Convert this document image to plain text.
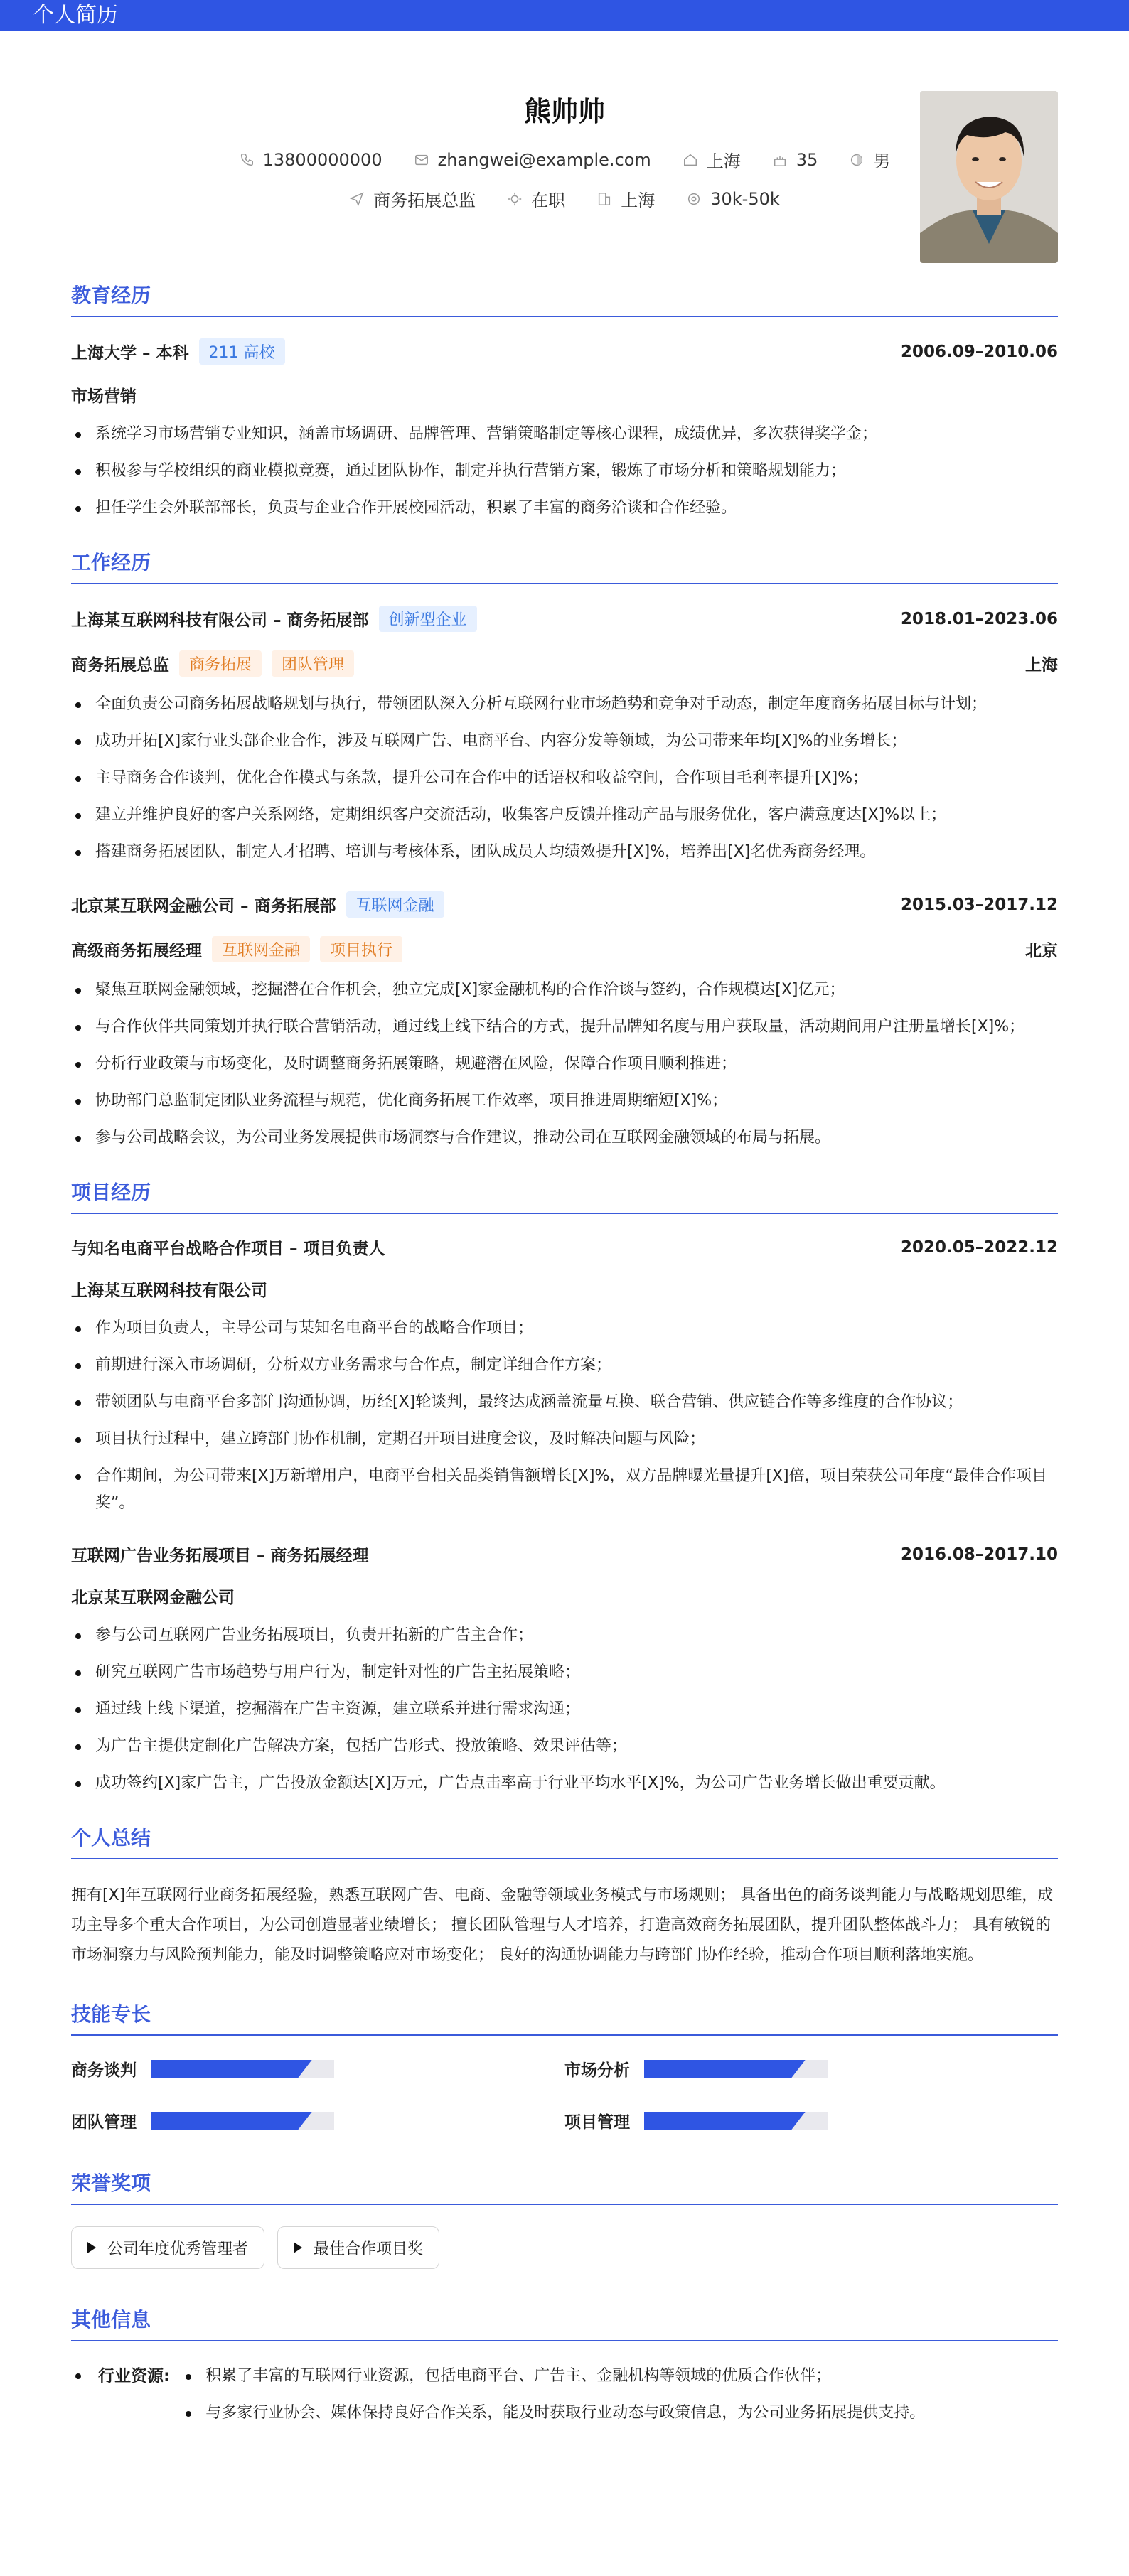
个人简历
熊帅帅
13800000000	zhangwei@example.com	上海	35	男
商务拓展总监	在职	上海	30k-50k
教育经历
上海大学 – 本科	211 高校	2006.09–2010.06
市场营销
系统学习市场营销专业知识，涵盖市场调研、品牌管理、营销策略制定等核心课程，成绩优异，多次获得奖学金；
积极参与学校组织的商业模拟竞赛，通过团队协作，制定并执行营销方案，锻炼了市场分析和策略规划能力；
担任学生会外联部部长，负责与企业合作开展校园活动，积累了丰富的商务洽谈和合作经验。
工作经历
上海某互联网科技有限公司 – 商务拓展部	创新型企业	2018.01–2023.06
商务拓展总监	商务拓展	团队管理	上海
全面负责公司商务拓展战略规划与执行，带领团队深入分析互联网行业市场趋势和竞争对手动态，制定年度商务拓展目标与计划；
成功开拓[X]家行业头部企业合作，涉及互联网广告、电商平台、内容分发等领域，为公司带来年均[X]%的业务增长；
主导商务合作谈判，优化合作模式与条款，提升公司在合作中的话语权和收益空间，合作项目毛利率提升[X]%；
建立并维护良好的客户关系网络，定期组织客户交流活动，收集客户反馈并推动产品与服务优化，客户满意度达[X]%以上；
搭建商务拓展团队，制定人才招聘、培训与考核体系，团队成员人均绩效提升[X]%，培养出[X]名优秀商务经理。
北京某互联网金融公司 – 商务拓展部	互联网金融	2015.03–2017.12
高级商务拓展经理	互联网金融	项目执行	北京
聚焦互联网金融领域，挖掘潜在合作机会，独立完成[X]家金融机构的合作洽谈与签约，合作规模达[X]亿元；
与合作伙伴共同策划并执行联合营销活动，通过线上线下结合的方式，提升品牌知名度与用户获取量，活动期间用户注册量增长[X]%；
分析行业政策与市场变化，及时调整商务拓展策略，规避潜在风险，保障合作项目顺利推进；
协助部门总监制定团队业务流程与规范，优化商务拓展工作效率，项目推进周期缩短[X]%；
参与公司战略会议，为公司业务发展提供市场洞察与合作建议，推动公司在互联网金融领域的布局与拓展。
项目经历
与知名电商平台战略合作项目 – 项目负责人	2020.05–2022.12
上海某互联网科技有限公司
作为项目负责人，主导公司与某知名电商平台的战略合作项目；
前期进行深入市场调研，分析双方业务需求与合作点，制定详细合作方案；
带领团队与电商平台多部门沟通协调，历经[X]轮谈判，最终达成涵盖流量互换、联合营销、供应链合作等多维度的合作协议；
项目执行过程中，建立跨部门协作机制，定期召开项目进度会议，及时解决问题与风险；
合作期间，为公司带来[X]万新增用户，电商平台相关品类销售额增长[X]%，双方品牌曝光量提升[X]倍，项目荣获公司年度“最佳合作项目奖”。
互联网广告业务拓展项目 – 商务拓展经理	2016.08–2017.10
北京某互联网金融公司
参与公司互联网广告业务拓展项目，负责开拓新的广告主合作；
研究互联网广告市场趋势与用户行为，制定针对性的广告主拓展策略；
通过线上线下渠道，挖掘潜在广告主资源，建立联系并进行需求沟通；
为广告主提供定制化广告解决方案，包括广告形式、投放策略、效果评估等；
成功签约[X]家广告主，广告投放金额达[X]万元，广告点击率高于行业平均水平[X]%，为公司广告业务增长做出重要贡献。
个人总结

拥有[X]年互联网行业商务拓展经验，熟悉互联网广告、电商、金融等领域业务模式与市场规则； 具备出色的商务谈判能力与战略规划思维，成功主导多个重大合作项目，为公司创造显著业绩增长； 擅长团队管理与人才培养，打造高效商务拓展团队，提升团队整体战斗力； 具有敏锐的市场洞察力与风险预判能力，能及时调整策略应对市场变化； 良好的沟通协调能力与跨部门协作经验，推动合作项目顺利落地实施。

技能专长
商务谈判	市场分析
团队管理	项目管理
荣誉奖项
公司年度优秀管理者	最佳合作项目奖
其他信息
行业资源:	积累了丰富的互联网行业资源，包括电商平台、广告主、金融机构等领域的优质合作伙伴；
与多家行业协会、媒体保持良好合作关系，能及时获取行业动态与政策信息，为公司业务拓展提供支持。
